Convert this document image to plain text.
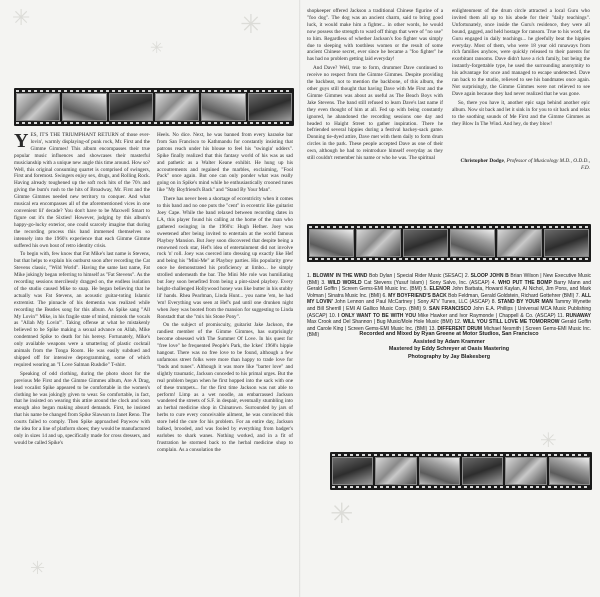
✳
✳
✳
✳
✳
✳

YES, IT'S THE TRIUMPHANT RETURN of those ever-lovin', warmly displaying-of punk rock, Mr. First and the Gimme Gimmes! This album encompasses their true popular music influences and showcases their masterful musicianship with a unique new angle this time around. How so? Well, this original consuming quartet is comprised of swingers, First and foremost. Swingers enjoy sex, drugs, and Rolling Rock. Having already toughened up the soft rock hits of the 70's and giving the bum's rush to the hits of Broadway, Mr. First and the Gimme Gimmes needed new territory to conquer. And what musical era encompasses all of the aforementioned vices in one convenient lil' decade? You don't have to be Maxwell Smart to figure out it's the Sixties! However, judging by this album's happy-go-lucky exterior, one could scarcely imagine that during the recording process this band immersed themselves so intensely into the 1960's experience that each Gimme Gimme suffered his own bout of retro identity crisis.

To begin with, few know that Fat Mike's last name is Stevens, but that helps to explain his outburst soon after recording the Cat Stevens classic, "Wild World". Having the same last name, Fat Mike jokingly began referring to himself as "Fat Stevens". As the recording sessions mercilessly dragged on, the endless isolation of the studio caused Mike to snap. He began believing that he actually was Fat Stevens, an acoustic guitar-toting Islamic extremist. The pinnacle of his dementia was realized while recording the Beatles song for this album. As Spike sang "All My Lovin'" Mike, in his fragile state of mind, mistook the vocals as "Allah My Lovin'". Taking offense at what he mistakenly believed to be Spike making a sexual advance on Allah, Mike condemned Spike to death for his heresy. Fortunately, Mike's only available weapons were a smattering of plastic cocktail animals from the Tonga Room. He was easily subdued and shipped off for intensive deprogramming, some of which required wearing an "I Love Salman Rushdie" T-shirt.

Speaking of odd clothing, during the photo shoot for the previous Me First and the Gimme Gimmes album, Are A Drag, lead vocalist Spike appeared to be comfortable in the women's clothing he was jokingly given to wear. So comfortable, in fact, that he insisted on wearing this attire around the clock and soon enough also began making absurd demands. First, he insisted that his name be changed from Spike Slawson to Janet Reno. The courts failed to comply. Then Spike approached Paywow with the idea for a line of platform shoes; they would be manufactured only in sizes 14 and up, specifically made for cross dressers, and would be called Spike's

Heels. No dice. Next, he was banned from every karaoke bar from San Francisco to Kathmandu for constantly insisting that patrons reach under his blouse to feel his "swingin' udders". Spike finally realized that this fantasy world of his was as sad and pathetic as a Walter Keane exhibit. He hung up his accoutrements and regained the marbles, exclaiming, "Fool Pack" once again. But one can only ponder what was really going on in Spike's mind while he enthusiastically crooned tunes like "My Boyfriend's Back" and "Stand By Your Man".

There has never been a shortage of eccentricity when it comes to this band and no one puts the "cent" in eccentric like guitarist Joey Cape. While the band relaxed between recording dates in LA, this player found his calling at the home of the man who gathered swinging in the 1960's: Hugh Hefner. Joey was sweetened after being invited to entertain at the world famous Playboy Mansion. But Joey soon discovered that despite being a renowned rock star, Hef's idea of entertainment did not involve rock 'n' roll. Joey was coerced into dressing up exactly like Hef and being his "Mini-Me" at Playboy parties. His popularity grew once he demonstrated his proficiency at limbo... he simply strolled underneath the bar. The Mini Me role was humiliating but Joey soon benefited from being a pint-sized playboy. Every height-challenged Hollywood honey was like butter in his stubby lil' hands. Rhea Pearlman, Linda Hunt... you name 'em, he had 'em! Everything was seen at Hef's pad until one drunken night when Joey was booted from the mansion for suggesting to Linda Ronstadt that she "mix his Stone Pony".

On the subject of promiscuity, guitarist Jake Jackson, the randiest member of the Gimme Gimmes, has surprisingly become obsessed with The Summer Of Love. In his quest for "free love" he frequented People's Park, the Ickes' 1968's hippie hangout. There was no free love to be found, although a few unfamous street folks were more than happy to trade love for "buds and tunes". Although it was more like "barter love" and slightly traumatic, Jackson conceded to his primal urges. But the real problem began when he first hopped into the sack with one of these trumpets... for the first time Jackson was not able to perform! Limp as a wet noodle, an embarrassed Jackson wandered the streets of S.F. in despair, eventually stumbling into an herbal medicine shop in Chinatown. Surrounded by jars of herbs to cure every conceivable ailment, he was convinced this store held the cure for his problem. For an entire day, Jackson balked, brooded, and was fooled by everything from badger's earlobes to shark wanes. Nothing worked, and in a fit of frustration he stormed back to the herbal medicine shop to complain. As a consolation the

shopkeeper offered Jackson a traditional Chinese figurine of a "foo dog". The dog was an ancient charm, said to bring good luck, it would make him a fighter... in other words, he would now possess the strength to ward off things that were of "no use" to him. Regardless of whether Jackson's foo fighter was simply due to sleeping with toothless women or the result of some ancient Chinese secret, ever since he became a "foo fighter" he has had no problem getting laid everyday!

And Dave? Well, true to form, drummer Dave continued to receive no respect from the Gimme Gimmes. Despite providing the backbeat, not to mention the backbone, of this album, the other guys still thought that having Dave with Me First and the Gimme Gimmes was about as useful as The Beach Boys with Jake Stevens. The band still refused to learn Dave's last name if they even thought of him at all. Fed up with being constantly ignored, he abandoned the recording sessions one day and headed to Haight Street to gather inspiration. There he befriended several hippies during a festival hackey-sack game. Donning tie-dyed attire, Dave met with them daily to form drum circles in the park. These people accepted Dave as one of their own, although he had to reintroduce himself everyday as they still couldn't remember his name or who he was. The spiritual

enlightenment of the drum circle attracted a local Guru who invited them all up to his abode for their "daily teachings". Unfortunately, once inside the Guru's residence, they were all bound, gagged, and held hostage for ransom. True to his word, the Guru engaged in daily teachings... he gleefully beat the hippies everyday. Most of them, who were 18 year old runaways from rich families anyhow, were quickly released to their parents for exorbitant ransoms. Dave didn't have a rich family, but being the instantly-forgettable type, he used the surrounding anonymity to his advantage for once and managed to escape undetected. Dave ran back to the studio, relieved to see his bandmates once again. Not surprisingly, the Gimme Gimmes were not relieved to see Dave again because they had never realized that he was gone.

So, there you have it, another epic saga behind another epic album. Now sit back and let it sink in for you to sit back and relax to the soothing sounds of Me First and the Gimme Gimmes as they Blow In The Wind. And hey, do they blow!

Christopher Dodge, Professor of Musicology M.D., O.D.D., F.D.
1. BLOWIN' IN THE WIND Bob Dylan | Special Rider Music (SESAC) 2. SLOOP JOHN B Brian Wilson | New Executive Music (BMI) 3. WILD WORLD Cat Stevens (Yusuf Islam) | Sony Salvo, Inc. (ASCAP) 4. WHO PUT THE BOMP Barry Mann and Gerald Goffin | Screen Gems-EMI Music Inc. (BMI) 5. ELENOR John Barbata, Howard Kaylan, Al Nichol, Jim Pons, and Mark Volman | Sinatra Music Inc. (BMI) 6. MY BOYFRIEND'S BACK Bob Feldman, Gerald Goldstein, Richard Gottehrer (BMI) 7. ALL MY LOVIN' John Lennon and Paul McCartney | Sony ATV Tunes, LLC (ASCAP) 8. STAND BY YOUR MAN Tammy Wynette and Bill Sherrill | EMI Al Gallico Music Corp. (BMI) 9. SAN FRANCISCO John E.A. Phillips | Universal MCA Music Publishing (ASCAP) 10. I ONLY WANT TO BE WITH YOU Mike Hawker and Ivor Raymonde | Chappell & Co. (ASCAP) 11. RUNAWAY Max Crook and Del Shannon | Bug Music/Mole Hole Music (BMI) 12. WILL YOU STILL LOVE ME TOMORROW Gerald Goffin and Carole King | Screen Gems-EMI Music Inc. (BMI) 13. DIFFERENT DRUM Michael Nesmith | Screen Gems-EMI Music Inc. (BMI)	Recorded and Mixed by Ryan Greene at Motor Studios, San Francisco
Assisted by Adam Krammer
Mastered by Eddy Schreyer at Oasis Mastering
Photography by Jay Blakesberg
